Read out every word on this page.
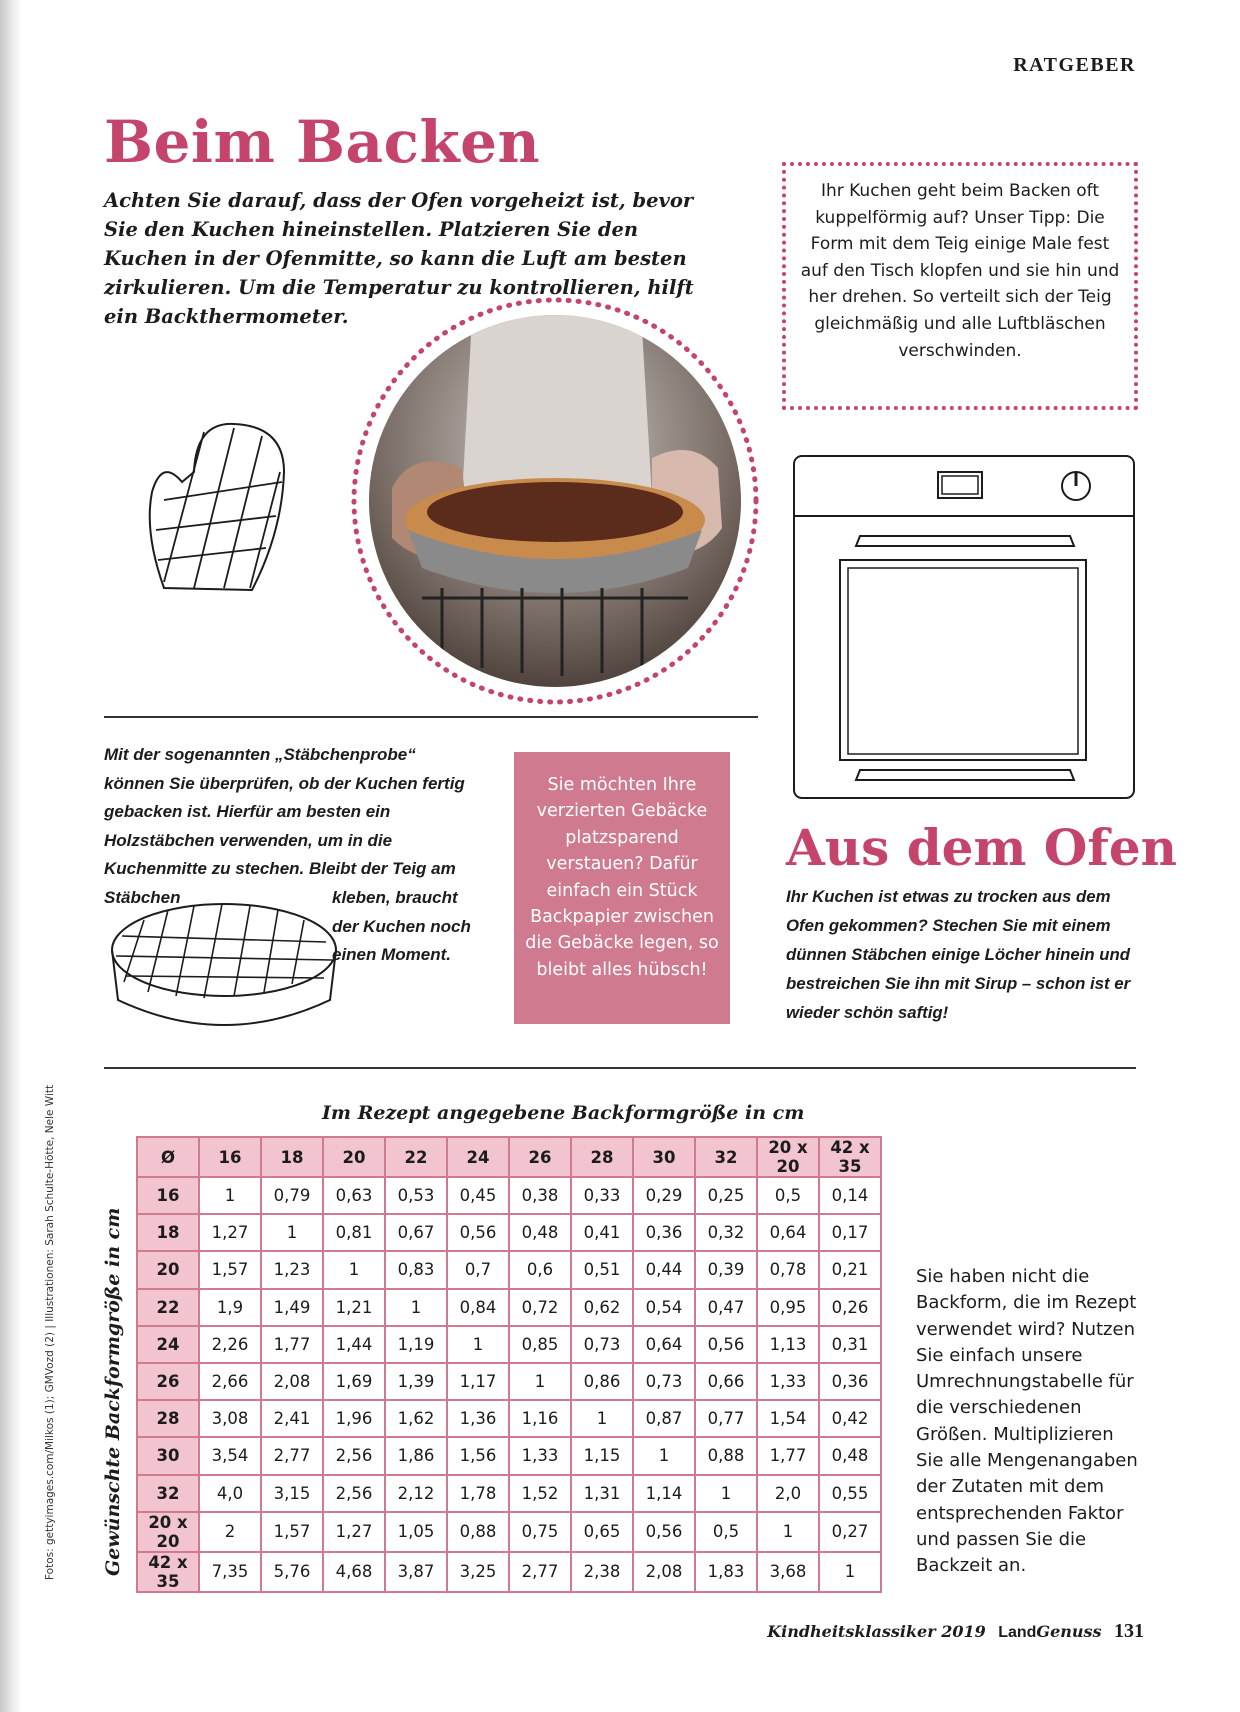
RATGEBER
Beim Backen

Achten Sie darauf, dass der Ofen vorgeheizt ist, bevor Sie den Kuchen hineinstellen. Platzieren Sie den Kuchen in der Ofenmitte, so kann die Luft am besten zirkulieren. Um die Temperatur zu kontrollieren, hilft ein Backthermometer.

Ihr Kuchen geht beim Backen oft kuppelförmig auf? Unser Tipp: Die Form mit dem Teig einige Male fest auf den Tisch klopfen und sie hin und her drehen. So verteilt sich der Teig gleichmäßig und alle Luftbläschen verschwinden.

Mit der sogenannten „Stäbchenprobe“ können Sie überprüfen, ob der Kuchen fertig gebacken ist. Hierfür am besten ein Holzstäbchen verwenden, um in die Kuchenmitte zu stechen. Bleibt der Teig am Stäbchen	kleben, braucht der Kuchen noch einen Moment.

Sie möchten Ihre verzierten Gebäcke platzsparend verstauen? Dafür einfach ein Stück Backpapier zwischen die Gebäcke legen, so bleibt alles hübsch!
Aus dem Ofen

Ihr Kuchen ist etwas zu trocken aus dem Ofen gekommen? Stechen Sie mit einem dünnen Stäbchen einige Löcher hinein und bestreichen Sie ihn mit Sirup – schon ist er wieder schön saftig!

Fotos: gettyimages.com/Milkos (1); GMVozd (2) | Illustrationen: Sarah Schulte-Hötte, Nele Witt	Im Rezept angegebene Backformgröße in cm
Gewünschte Backformgröße in cm
Ø	16	18	20	22	24	26	28	30	32	20 x 20	42 x 35
16	1	0,79	0,63	0,53	0,45	0,38	0,33	0,29	0,25	0,5	0,14
18	1,27	1	0,81	0,67	0,56	0,48	0,41	0,36	0,32	0,64	0,17
20	1,57	1,23	1	0,83	0,7	0,6	0,51	0,44	0,39	0,78	0,21
22	1,9	1,49	1,21	1	0,84	0,72	0,62	0,54	0,47	0,95	0,26
24	2,26	1,77	1,44	1,19	1	0,85	0,73	0,64	0,56	1,13	0,31
26	2,66	2,08	1,69	1,39	1,17	1	0,86	0,73	0,66	1,33	0,36
28	3,08	2,41	1,96	1,62	1,36	1,16	1	0,87	0,77	1,54	0,42
30	3,54	2,77	2,56	1,86	1,56	1,33	1,15	1	0,88	1,77	0,48
32	4,0	3,15	2,56	2,12	1,78	1,52	1,31	1,14	1	2,0	0,55
20 x 20	2	1,57	1,27	1,05	0,88	0,75	0,65	0,56	0,5	1	0,27
42 x 35	7,35	5,76	4,68	3,87	3,25	2,77	2,38	2,08	1,83	3,68	1

Sie haben nicht die Backform, die im Rezept verwendet wird? Nutzen Sie einfach unsere Umrechnungstabelle für die verschiedenen Größen. Multiplizieren Sie alle Mengenangaben der Zutaten mit dem entsprechenden Faktor und passen Sie die Backzeit an.

Kindheitsklassiker 2019 LandGenuss 131
